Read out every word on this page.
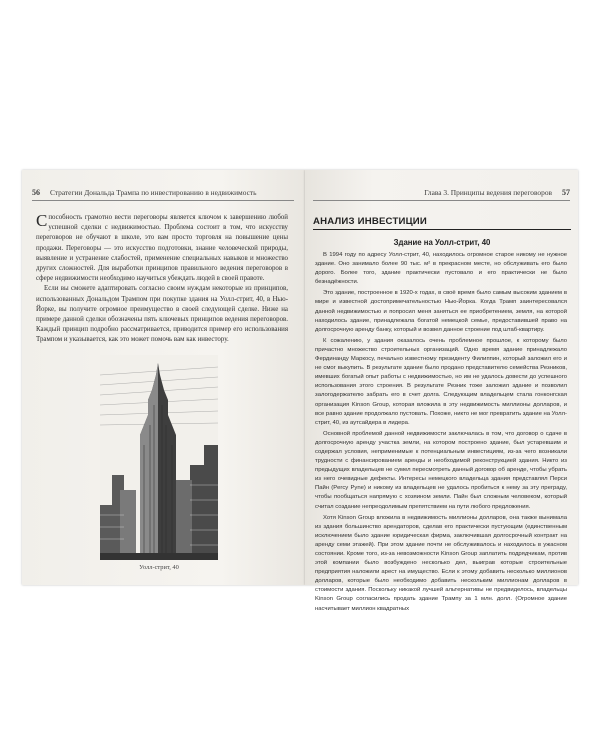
56 Стратегии Дональда Трампа по инвестированию в недвижимость

Способность грамотно вести переговоры является ключом к завершению любой успешной сделки с недвижимостью. Проблема состоит в том, что искусству переговоров не обучают в школе, это вам просто торговля на повышение цены продажи. Переговоры — это искусство подготовки, знание человеческой природы, выявление и устранение слабостей, применение специальных навыков и множество других сложностей. Для выработки принципов правильного ведения переговоров в сфере недвижимости необходимо научиться убеждать людей в своей правоте.

Если вы сможете адаптировать согласно своим нуждам некоторые из принципов, использованных Дональдом Трампом при покупке здания на Уолл-стрит, 40, в Нью-Йорке, вы получите огромное преимущество в своей следующей сделке. Ниже на примере данной сделки обозначены пять ключевых принципов ведения переговоров. Каждый принцип подробно рассматривается, приводится пример его использования Трампом и указывается, как это может помочь вам как инвестору.

Уолл-стрит, 40
Глава 3. Принципы ведения переговоров 57
АНАЛИЗ ИНВЕСТИЦИИ
Здание на Уолл-стрит, 40

В 1994 году по адресу Уолл-стрит, 40, находилось огромное старое никому не нужное здание. Оно занимало более 90 тыс. м² в прекрасном месте, но обслуживать его было дорого. Более того, здание практически пустовало и его практически не было безнадёжности.

Это здание, построенное в 1920-х годах, в своё время было самым высоким зданием в мире и известной достопримечательностью Нью-Йорка. Когда Трамп заинтересовался данной недвижимостью и попросил меня заняться ее приобретением, земля, на которой находилось здание, принадлежала богатой немецкой семье, предоставившей право на долгосрочную аренду банку, который и возвел данное строение под штаб-квартиру.

К сожалению, у здания оказалось очень проблемное прошлое, к которому было причастно множество строительных организаций. Одно время здание принадлежало Фердинанду Маркосу, печально известному президенту Филиппин, который заложил его и не смог выкупить. В результате здание было продано представителю семейства Резников, имевших богатый опыт работы с недвижимостью, но им не удалось довести до успешного использования этого строения. В результате Резник тоже заложил здание и позволил залогодержателю забрать его в счет долга. Следующим владельцем стала гонконгская организация Kinson Group, которая вложила в эту недвижимость миллионы долларов, и все равно здание продолжало пустовать. Похоже, никто не мог превратить здание на Уолл-стрит, 40, из аутсайдера в лидера.

Основной проблемой данной недвижимости заключалась в том, что договор о сдаче в долгосрочную аренду участка земли, на котором построено здание, был устаревшим и содержал условия, неприменимые к потенциальным инвестициям, из-за чего возникали трудности с финансированием аренды и необходимой реконструкцией здания. Никто из предыдущих владельцев не сумел пересмотреть данный договор об аренде, чтобы убрать из него очевидные дефекты. Интересы немецкого владельца здания представлял Перси Пайн (Percy Pyne) и никому из владельцев не удалось пробиться к нему за эту преграду, чтобы пообщаться напрямую с хозяином земли. Пайн был сложным человеком, который считал создание непреодолимым препятствием на пути любого предложения.

Хотя Kinson Group вложила в недвижимость миллионы долларов, она также вынимала из здания большинство арендаторов, сделав его практически пустующим (единственным исключением было здание юридическая фирма, заключившая долгосрочный контракт на аренду семи этажей). При этом здание почти не обслуживалось и находилось в ужасном состоянии. Кроме того, из-за невозможности Kinson Group заплатить подрядчикам, против этой компании было возбуждено несколько дел, выиграв которые строительные предприятия наложили арест на имущество. Если к этому добавить несколько миллионов долларов, которые было необходимо добавить нескольким миллионам долларов в стоимости здания. Поскольку никакой лучшей альтернативы не предвиделось, владельцы Kinson Group согласились продать здание Трампу за 1 млн. долл. (Огромное здание насчитывает миллион квадратных
